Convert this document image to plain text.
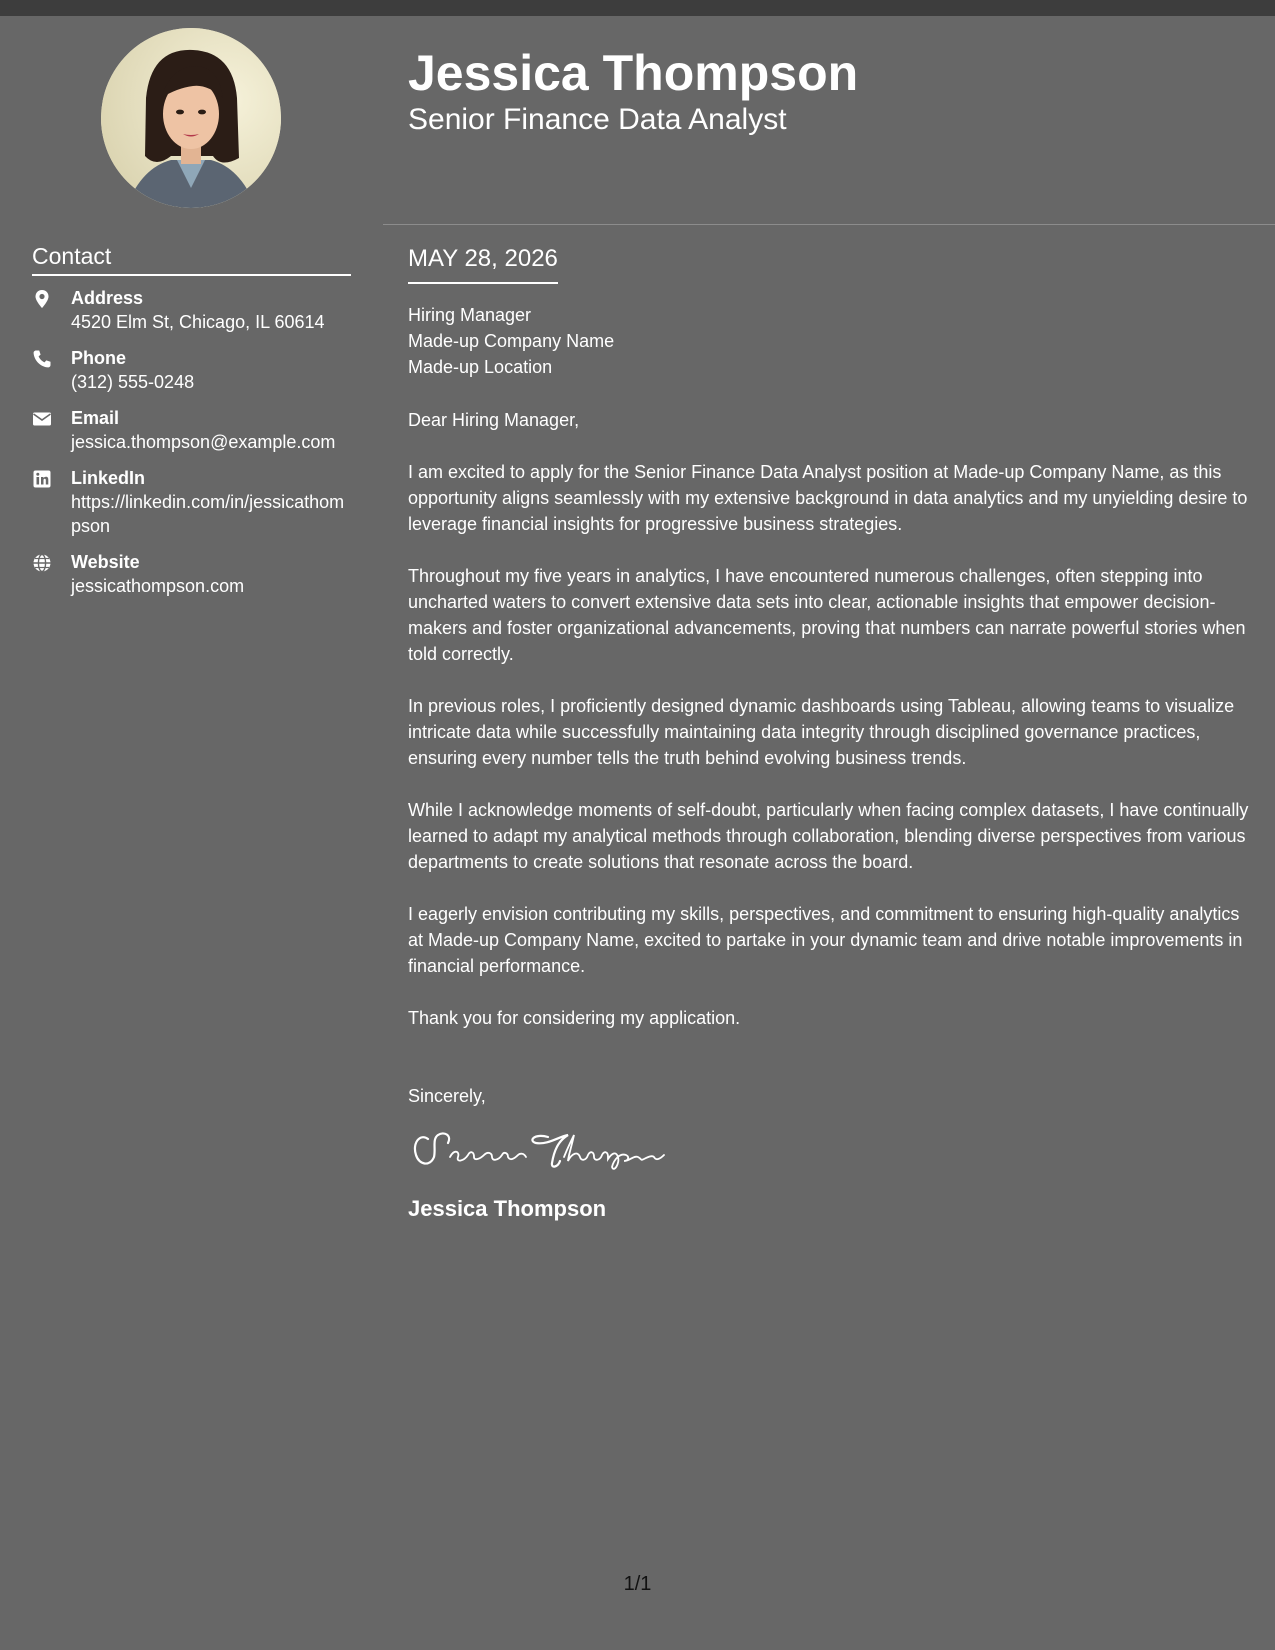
Contact
Address
4520 Elm St, Chicago, IL 60614
Phone
(312) 555-0248
Email
jessica.thompson@example.com
LinkedIn
https://linkedin.com/in/jessicathompson
Website
jessicathompson.com
Jessica Thompson
Senior Finance Data Analyst
MAY 28, 2026
Hiring Manager
Made-up Company Name
Made-up Location

Dear Hiring Manager,

I am excited to apply for the Senior Finance Data Analyst position at Made-up Company Name, as this opportunity aligns seamlessly with my extensive background in data analytics and my unyielding desire to leverage financial insights for progressive business strategies.

Throughout my five years in analytics, I have encountered numerous challenges, often stepping into uncharted waters to convert extensive data sets into clear, actionable insights that empower decision-makers and foster organizational advancements, proving that numbers can narrate powerful stories when told correctly.

In previous roles, I proficiently designed dynamic dashboards using Tableau, allowing teams to visualize intricate data while successfully maintaining data integrity through disciplined governance practices, ensuring every number tells the truth behind evolving business trends.

While I acknowledge moments of self-doubt, particularly when facing complex datasets, I have continually learned to adapt my analytical methods through collaboration, blending diverse perspectives from various departments to create solutions that resonate across the board.

I eagerly envision contributing my skills, perspectives, and commitment to ensuring high-quality analytics at Made-up Company Name, excited to partake in your dynamic team and drive notable improvements in financial performance.

Thank you for considering my application.

Sincerely,

Jessica Thompson
1/1
